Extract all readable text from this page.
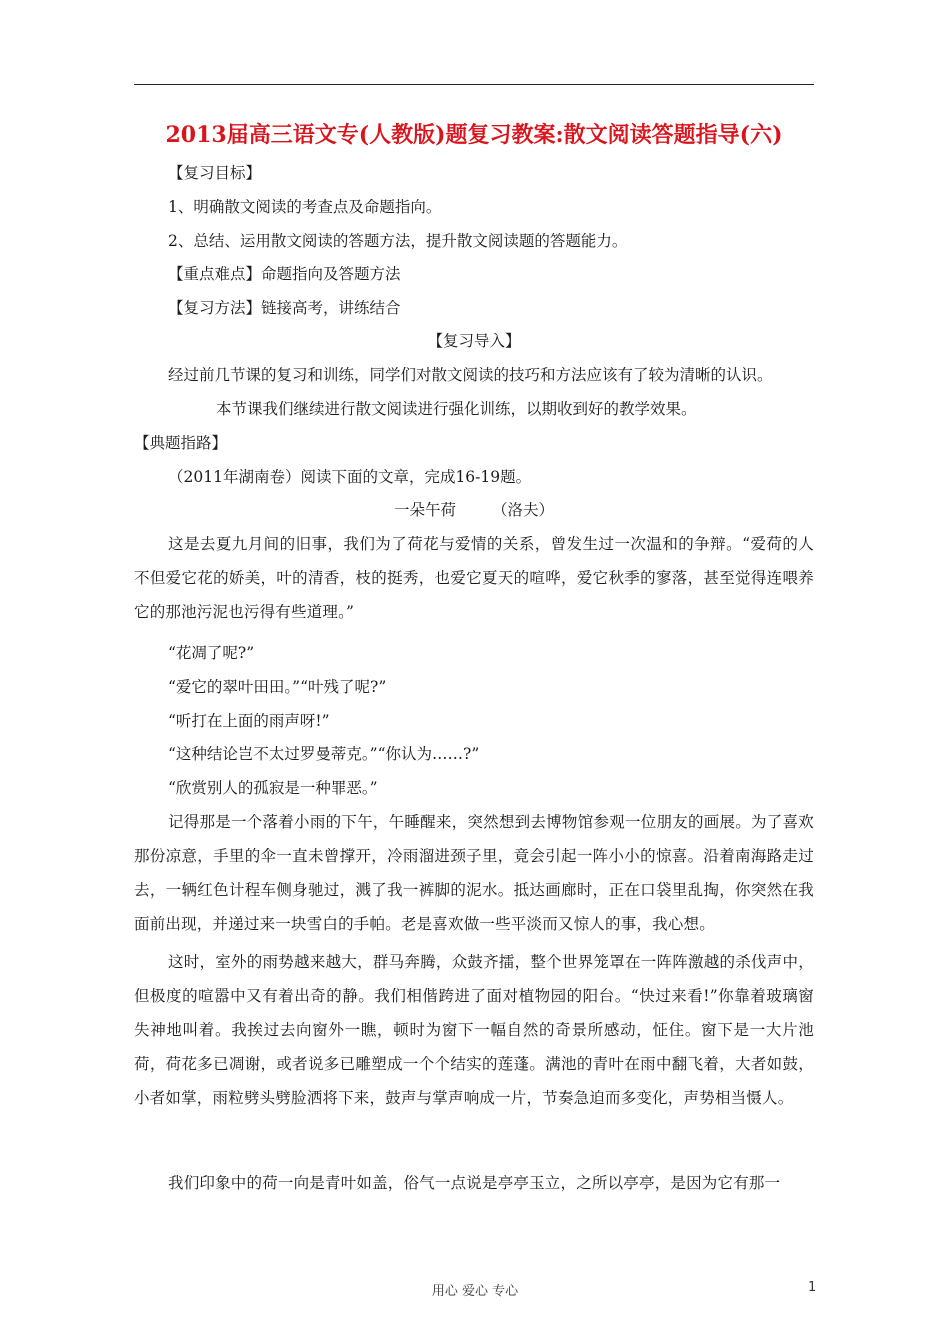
2013届高三语文专(人教版)题复习教案:散文阅读答题指导(六)
【复习目标】
1、明确散文阅读的考查点及命题指向。
2、总结、运用散文阅读的答题方法，提升散文阅读题的答题能力。
【重点难点】命题指向及答题方法
【复习方法】链接高考，讲练结合
【复习导入】
经过前几节课的复习和训练，同学们对散文阅读的技巧和方法应该有了较为清晰的认识。
本节课我们继续进行散文阅读进行强化训练，以期收到好的教学效果。
【典题指路】
（2011年湖南卷）阅读下面的文章，完成16-19题。
一朵午荷 （洛夫）
这是去夏九月间的旧事，我们为了荷花与爱情的关系，曾发生过一次温和的争辩。“爱荷的人不但爱它花的娇美，叶的清香，枝的挺秀，也爱它夏天的喧哗，爱它秋季的寥落，甚至觉得连喂养它的那池污泥也污得有些道理。”
“花凋了呢?”
“爱它的翠叶田田。”“叶残了呢?”
“听打在上面的雨声呀!”
“这种结论岂不太过罗曼蒂克。”“你认为……?”
“欣赏别人的孤寂是一种罪恶。”
记得那是一个落着小雨的下午，午睡醒来，突然想到去博物馆参观一位朋友的画展。为了喜欢那份凉意，手里的伞一直未曾撑开，冷雨溜进颈子里，竟会引起一阵小小的惊喜。沿着南海路走过去，一辆红色计程车侧身驰过，溅了我一裤脚的泥水。抵达画廊时，正在口袋里乱掏，你突然在我面前出现，并递过来一块雪白的手帕。老是喜欢做一些平淡而又惊人的事，我心想。
这时，室外的雨势越来越大，群马奔腾，众鼓齐擂，整个世界笼罩在一阵阵激越的杀伐声中，但极度的喧嚣中又有着出奇的静。我们相偕跨进了面对植物园的阳台。“快过来看!”你靠着玻璃窗失神地叫着。我挨过去向窗外一瞧，顿时为窗下一幅自然的奇景所感动，怔住。窗下是一大片池荷，荷花多已凋谢，或者说多已雕塑成一个个结实的莲蓬。满池的青叶在雨中翻飞着，大者如鼓，小者如掌，雨粒劈头劈脸洒将下来，鼓声与掌声响成一片，节奏急迫而多变化，声势相当慑人。
我们印象中的荷一向是青叶如盖，俗气一点说是亭亭玉立，之所以亭亭，是因为它有那一
用心 爱心 专心	1
